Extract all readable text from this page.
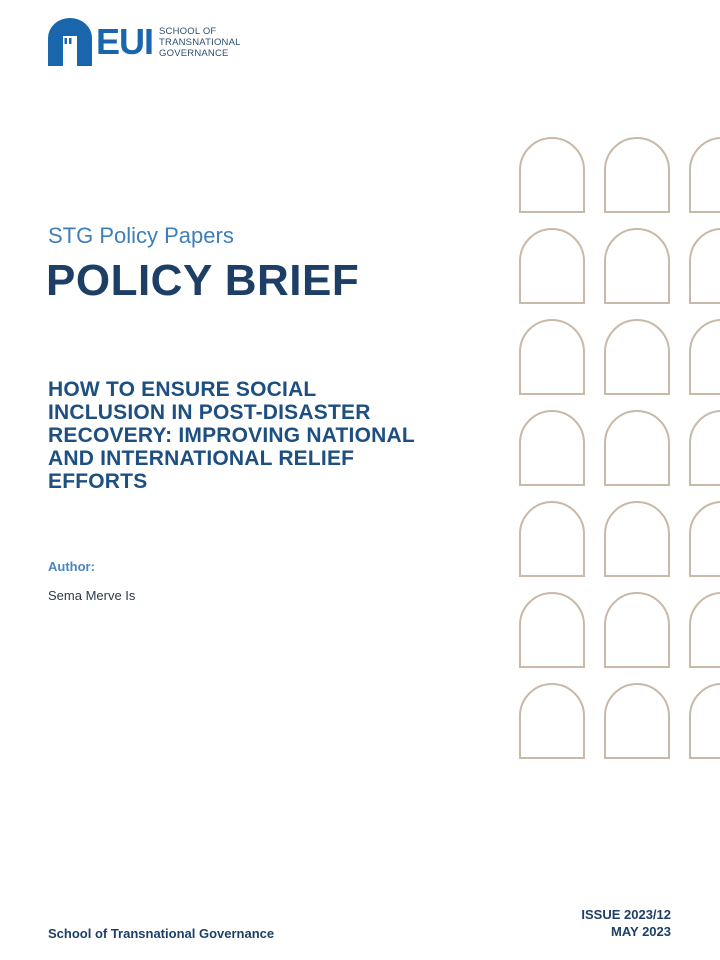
EUI SCHOOL OF
TRANSNATIONAL
GOVERNANCE
STG Policy Papers
POLICY BRIEF
HOW TO ENSURE SOCIAL
INCLUSION IN POST-DISASTER
RECOVERY: IMPROVING NATIONAL
AND INTERNATIONAL RELIEF
EFFORTS
Author:
Sema Merve Is
School of Transnational Governance
ISSUE 2023/12
MAY 2023
